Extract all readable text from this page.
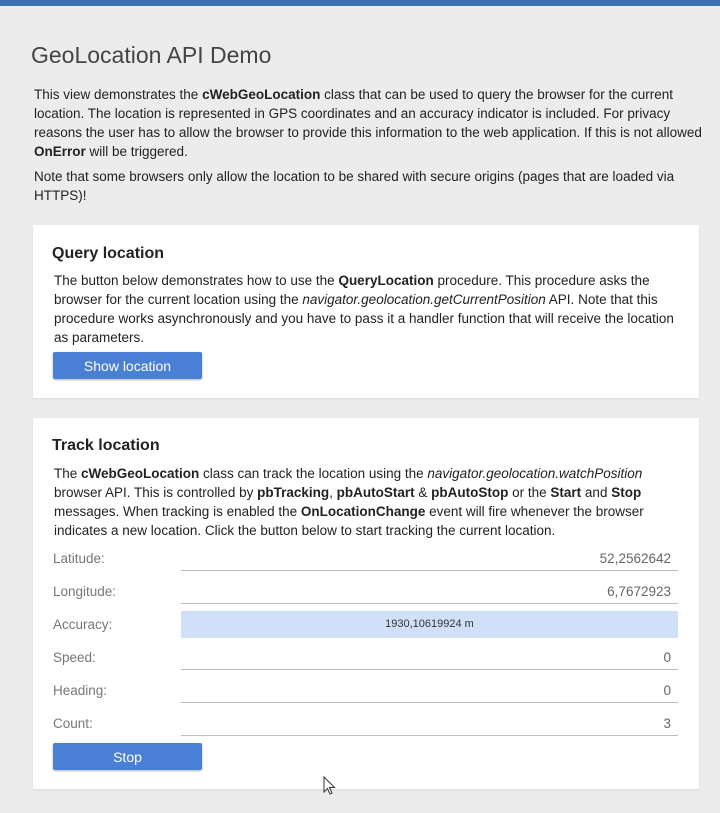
GeoLocation API Demo

This view demonstrates the cWebGeoLocation class that can be used to query the browser for the current location. The location is represented in GPS coordinates and an accuracy indicator is included. For privacy reasons the user has to allow the browser to provide this information to the web application. If this is not allowed OnError will be triggered.

Note that some browsers only allow the location to be shared with secure origins (pages that are loaded via HTTPS)!

Query location

The button below demonstrates how to use the QueryLocation procedure. This procedure asks the browser for the current location using the navigator.geolocation.getCurrentPosition API. Note that this procedure works asynchronously and you have to pass it a handler function that will receive the location as parameters.

Show location
Track location

The cWebGeoLocation class can track the location using the navigator.geolocation.watchPosition browser API. This is controlled by pbTracking, pbAutoStart & pbAutoStop or the Start and Stop messages. When tracking is enabled the OnLocationChange event will fire whenever the browser indicates a new location. Click the button below to start tracking the current location.

Latitude:	52,2562642
Longitude:	6,7672923
Accuracy:	1930,10619924 m
Speed:	0
Heading:	0
Count:	3
Stop
